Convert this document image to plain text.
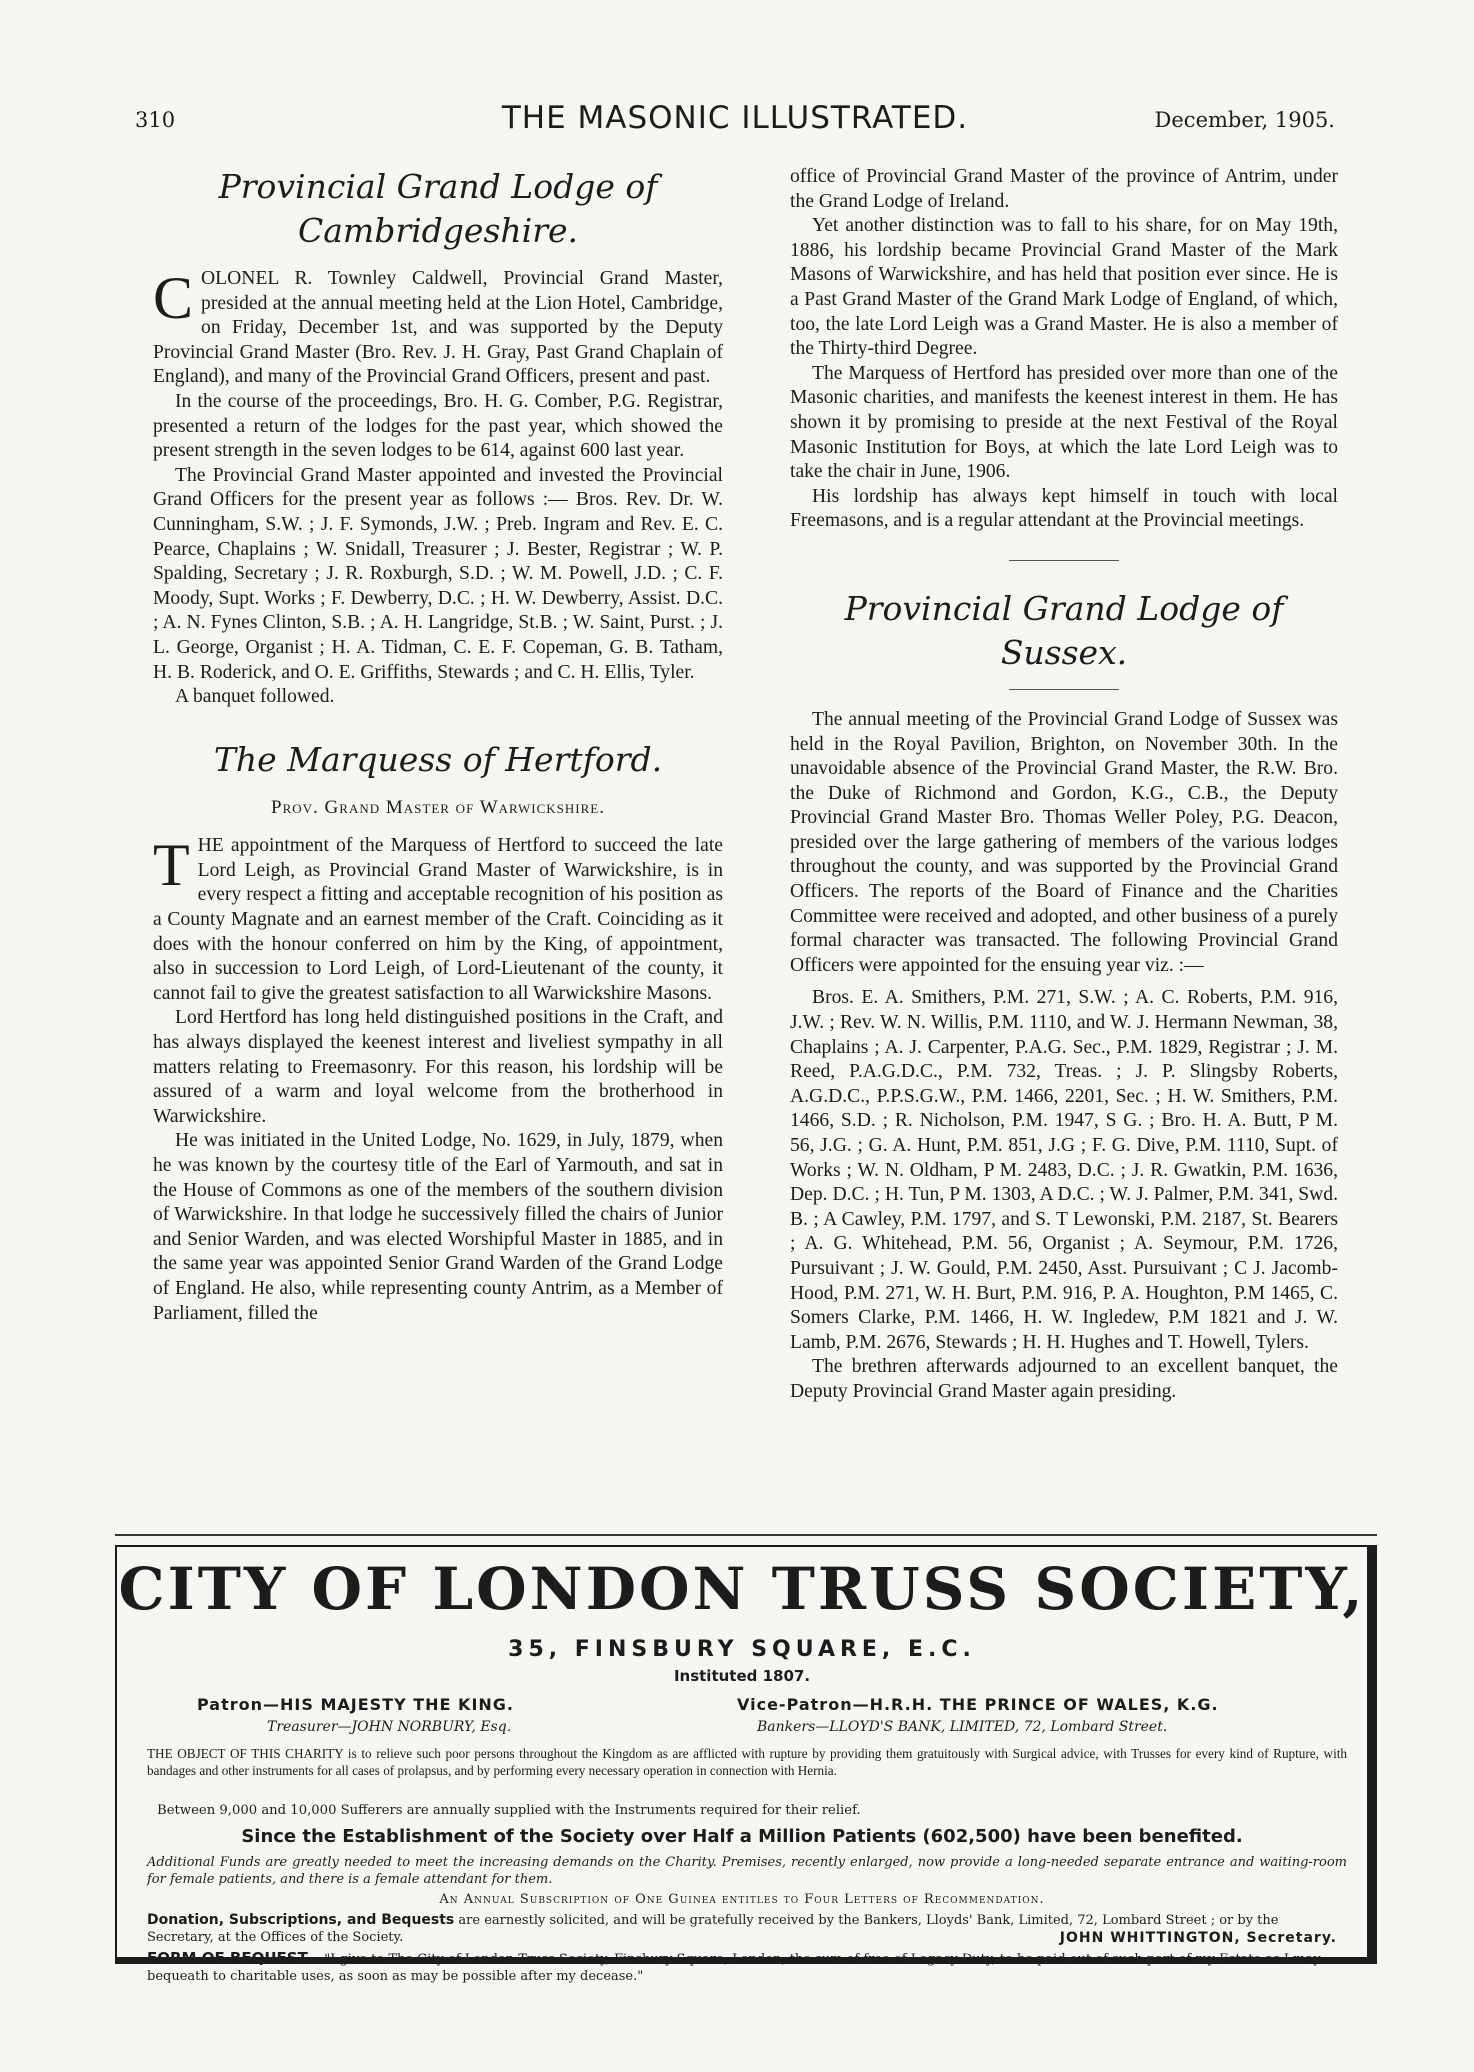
310	THE MASONIC ILLUSTRATED.	December, 1905.
Provincial Grand Lodge of Cambridgeshire.

COLONEL R. Townley Caldwell, Provincial Grand Master, presided at the annual meeting held at the Lion Hotel, Cambridge, on Friday, December 1st, and was supported by the Deputy Provincial Grand Master (Bro. Rev. J. H. Gray, Past Grand Chaplain of England), and many of the Provincial Grand Officers, present and past.

In the course of the proceedings, Bro. H. G. Comber, P.G. Registrar, presented a return of the lodges for the past year, which showed the present strength in the seven lodges to be 614, against 600 last year.

The Provincial Grand Master appointed and invested the Provincial Grand Officers for the present year as follows :— Bros. Rev. Dr. W. Cunningham, S.W. ; J. F. Symonds, J.W. ; Preb. Ingram and Rev. E. C. Pearce, Chaplains ; W. Snidall, Treasurer ; J. Bester, Registrar ; W. P. Spalding, Secretary ; J. R. Roxburgh, S.D. ; W. M. Powell, J.D. ; C. F. Moody, Supt. Works ; F. Dewberry, D.C. ; H. W. Dewberry, Assist. D.C. ; A. N. Fynes Clinton, S.B. ; A. H. Langridge, St.B. ; W. Saint, Purst. ; J. L. George, Organist ; H. A. Tidman, C. E. F. Copeman, G. B. Tatham, H. B. Roderick, and O. E. Griffiths, Stewards ; and C. H. Ellis, Tyler.

A banquet followed.

The Marquess of Hertford.
Prov. Grand Master of Warwickshire.

THE appointment of the Marquess of Hertford to succeed the late Lord Leigh, as Provincial Grand Master of Warwickshire, is in every respect a fitting and acceptable recognition of his position as a County Magnate and an earnest member of the Craft. Coinciding as it does with the honour conferred on him by the King, of appointment, also in succession to Lord Leigh, of Lord-Lieutenant of the county, it cannot fail to give the greatest satisfaction to all Warwickshire Masons.

Lord Hertford has long held distinguished positions in the Craft, and has always displayed the keenest interest and liveliest sympathy in all matters relating to Freemasonry. For this reason, his lordship will be assured of a warm and loyal welcome from the brotherhood in Warwickshire.

He was initiated in the United Lodge, No. 1629, in July, 1879, when he was known by the courtesy title of the Earl of Yarmouth, and sat in the House of Commons as one of the members of the southern division of Warwickshire. In that lodge he successively filled the chairs of Junior and Senior Warden, and was elected Worshipful Master in 1885, and in the same year was appointed Senior Grand Warden of the Grand Lodge of England. He also, while representing county Antrim, as a Member of Parliament, filled the

office of Provincial Grand Master of the province of Antrim, under the Grand Lodge of Ireland.

Yet another distinction was to fall to his share, for on May 19th, 1886, his lordship became Provincial Grand Master of the Mark Masons of Warwickshire, and has held that position ever since. He is a Past Grand Master of the Grand Mark Lodge of England, of which, too, the late Lord Leigh was a Grand Master. He is also a member of the Thirty-third Degree.

The Marquess of Hertford has presided over more than one of the Masonic charities, and manifests the keenest interest in them. He has shown it by promising to preside at the next Festival of the Royal Masonic Institution for Boys, at which the late Lord Leigh was to take the chair in June, 1906.

His lordship has always kept himself in touch with local Freemasons, and is a regular attendant at the Provincial meetings.

Provincial Grand Lodge of Sussex.

The annual meeting of the Provincial Grand Lodge of Sussex was held in the Royal Pavilion, Brighton, on November 30th. In the unavoidable absence of the Provincial Grand Master, the R.W. Bro. the Duke of Richmond and Gordon, K.G., C.B., the Deputy Provincial Grand Master Bro. Thomas Weller Poley, P.G. Deacon, presided over the large gathering of members of the various lodges throughout the county, and was supported by the Provincial Grand Officers. The reports of the Board of Finance and the Charities Committee were received and adopted, and other business of a purely formal character was transacted. The following Provincial Grand Officers were appointed for the ensuing year viz. :—

Bros. E. A. Smithers, P.M. 271, S.W. ; A. C. Roberts, P.M. 916, J.W. ; Rev. W. N. Willis, P.M. 1110, and W. J. Hermann Newman, 38, Chaplains ; A. J. Carpenter, P.A.G. Sec., P.M. 1829, Registrar ; J. M. Reed, P.A.G.D.C., P.M. 732, Treas. ; J. P. Slingsby Roberts, A.G.D.C., P.P.S.G.W., P.M. 1466, 2201, Sec. ; H. W. Smithers, P.M. 1466, S.D. ; R. Nicholson, P.M. 1947, S G. ; Bro. H. A. Butt, P M. 56, J.G. ; G. A. Hunt, P.M. 851, J.G ; F. G. Dive, P.M. 1110, Supt. of Works ; W. N. Oldham, P M. 2483, D.C. ; J. R. Gwatkin, P.M. 1636, Dep. D.C. ; H. Tun, P M. 1303, A D.C. ; W. J. Palmer, P.M. 341, Swd. B. ; A Cawley, P.M. 1797, and S. T Lewonski, P.M. 2187, St. Bearers ; A. G. Whitehead, P.M. 56, Organist ; A. Seymour, P.M. 1726, Pursuivant ; J. W. Gould, P.M. 2450, Asst. Pursuivant ; C J. Jacomb-Hood, P.M. 271, W. H. Burt, P.M. 916, P. A. Houghton, P.M 1465, C. Somers Clarke, P.M. 1466, H. W. Ingledew, P.M 1821 and J. W. Lamb, P.M. 2676, Stewards ; H. H. Hughes and T. Howell, Tylers.

The brethren afterwards adjourned to an excellent banquet, the Deputy Provincial Grand Master again presiding.

CITY OF LONDON TRUSS SOCIETY,
35, FINSBURY SQUARE, E.C.
Instituted 1807.
Patron—HIS MAJESTY THE KING.	Vice-Patron—H.R.H. THE PRINCE OF WALES, K.G.
Treasurer—JOHN NORBURY, Esq.	Bankers—LLOYD'S BANK, LIMITED, 72, Lombard Street.
THE OBJECT OF THIS CHARITY is to relieve such poor persons throughout the Kingdom as are afflicted with rupture by providing them gratuitously with Surgical advice, with Trusses for every kind of Rupture, with bandages and other instruments for all cases of prolapsus, and by performing every necessary operation in connection with Hernia.
Between 9,000 and 10,000 Sufferers are annually supplied with the Instruments required for their relief.
Since the Establishment of the Society over Half a Million Patients (602,500) have been benefited.
Additional Funds are greatly needed to meet the increasing demands on the Charity. Premises, recently enlarged, now provide a long-needed separate entrance and waiting-room for female patients, and there is a female attendant for them.
An Annual Subscription of One Guinea entitles to Four Letters of Recommendation.
Donation, Subscriptions, and Bequests are earnestly solicited, and will be gratefully received by the Bankers, Lloyds' Bank, Limited, 72, Lombard Street ; or by the Secretary, at the Offices of the Society.	JOHN WHITTINGTON, Secretary.
FORM OF BEQUEST.—"I give to The City of London Truss Society, Finsbury Square, London, the sum of free of Legacy Duty, to be paid out of such part of my Estate as I may bequeath to charitable uses, as soon as may be possible after my decease."
